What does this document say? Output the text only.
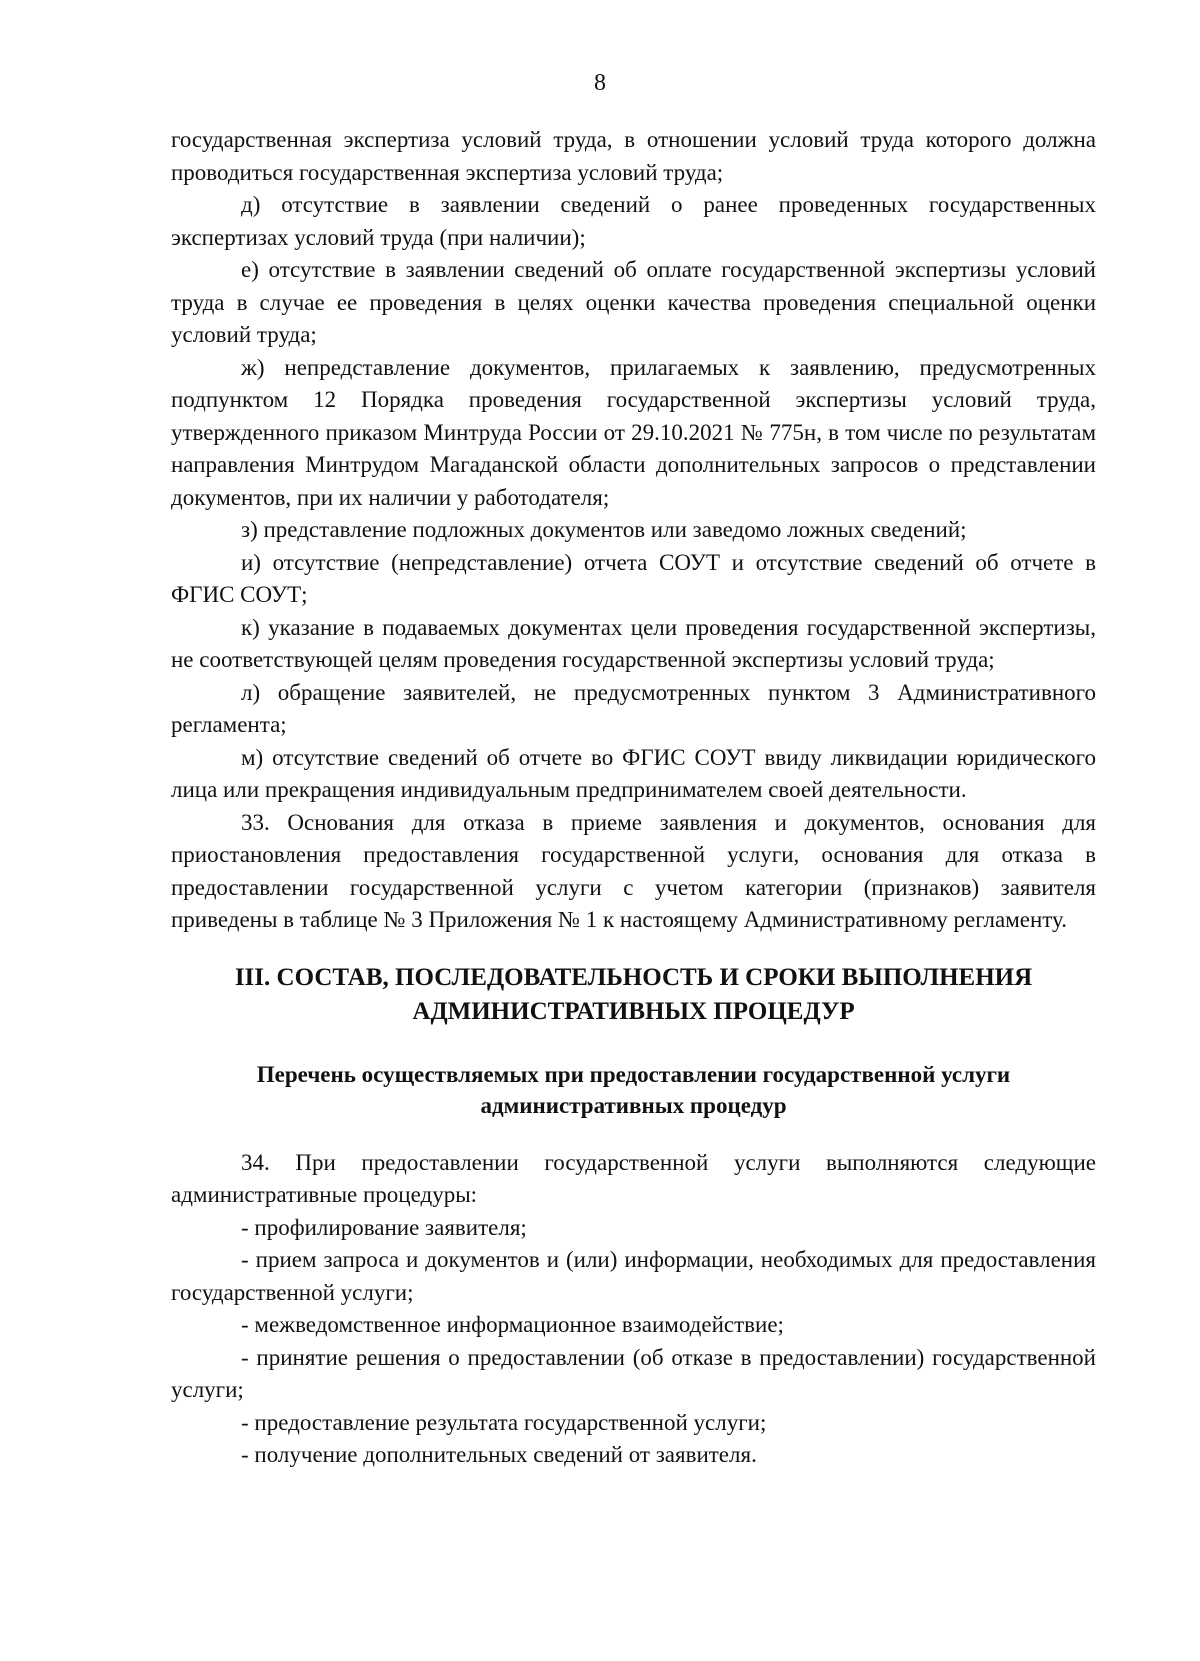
8

государственная экспертиза условий труда, в отношении условий труда которого должна проводиться государственная экспертиза условий труда;

д) отсутствие в заявлении сведений о ранее проведенных государственных экспертизах условий труда (при наличии);

е) отсутствие в заявлении сведений об оплате государственной экспертизы условий труда в случае ее проведения в целях оценки качества проведения специальной оценки условий труда;

ж) непредставление документов, прилагаемых к заявлению, предусмотренных подпунктом 12 Порядка проведения государственной экспертизы условий труда, утвержденного приказом Минтруда России от 29.10.2021 № 775н, в том числе по результатам направления Минтрудом Магаданской области дополнительных запросов о представлении документов, при их наличии у работодателя;

з) представление подложных документов или заведомо ложных сведений;

и) отсутствие (непредставление) отчета СОУТ и отсутствие сведений об отчете в ФГИС СОУТ;

к) указание в подаваемых документах цели проведения государственной экспертизы, не соответствующей целям проведения государственной экспертизы условий труда;

л) обращение заявителей, не предусмотренных пунктом 3 Административного регламента;

м) отсутствие сведений об отчете во ФГИС СОУТ ввиду ликвидации юридического лица или прекращения индивидуальным предпринимателем своей деятельности.

33. Основания для отказа в приеме заявления и документов, основания для приостановления предоставления государственной услуги, основания для отказа в предоставлении государственной услуги с учетом категории (признаков) заявителя приведены в таблице № 3 Приложения № 1 к настоящему Административному регламенту.

III. СОСТАВ, ПОСЛЕДОВАТЕЛЬНОСТЬ И СРОКИ ВЫПОЛНЕНИЯ

АДМИНИСТРАТИВНЫХ ПРОЦЕДУР

Перечень осуществляемых при предоставлении государственной услуги
административных процедур

34. При предоставлении государственной услуги выполняются следующие административные процедуры:

- профилирование заявителя;

- прием запроса и документов и (или) информации, необходимых для предоставления государственной услуги;

- межведомственное информационное взаимодействие;

- принятие решения о предоставлении (об отказе в предоставлении) государственной услуги;

- предоставление результата государственной услуги;

- получение дополнительных сведений от заявителя.
